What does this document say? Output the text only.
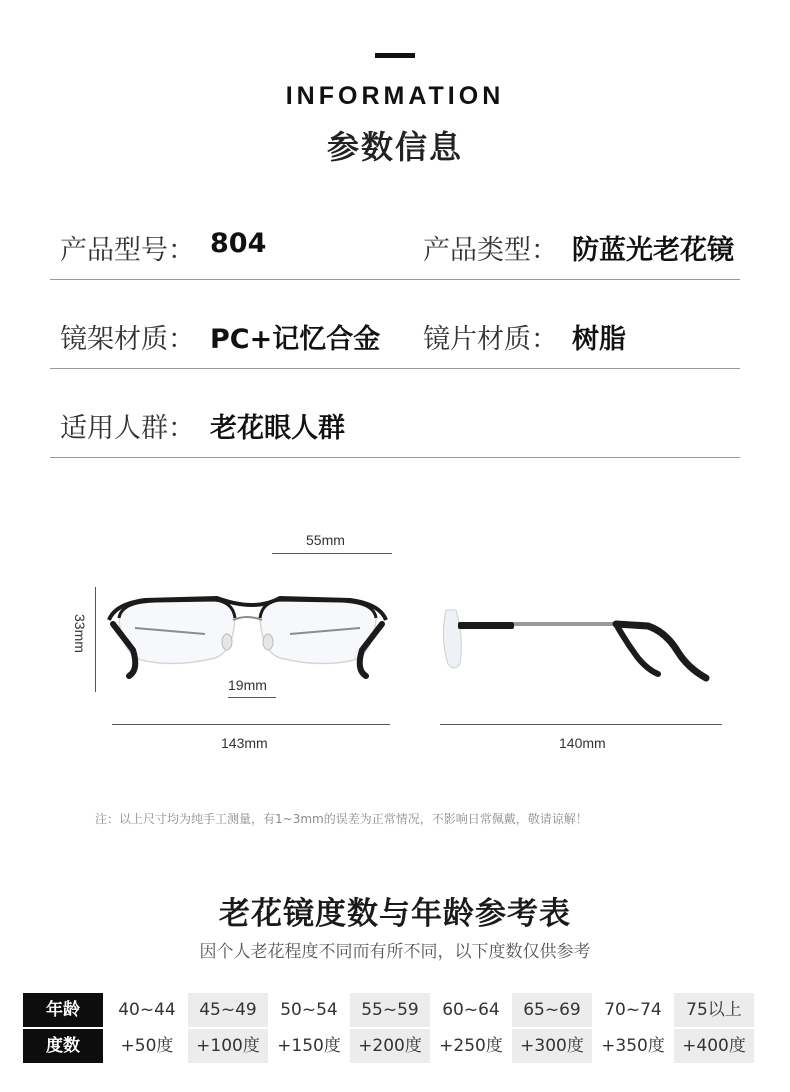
INFORMATION
参数信息
产品型号： 804	产品类型： 防蓝光老花镜
镜架材质： PC+记忆合金 镜片材质： 树脂
适用人群： 老花眼人群
55mm
33mm
19mm
143mm	140mm
注：以上尺寸均为纯手工测量，有1~3mm的误差为正常情况，不影响日常佩戴，敬请谅解！
老花镜度数与年龄参考表
因个人老花程度不同而有所不同，以下度数仅供参考
年龄	40~44	45~49	50~54	55~59	60~64	65~69	70~74	75以上
度数	+50度	+100度	+150度	+200度	+250度	+300度	+350度	+400度
